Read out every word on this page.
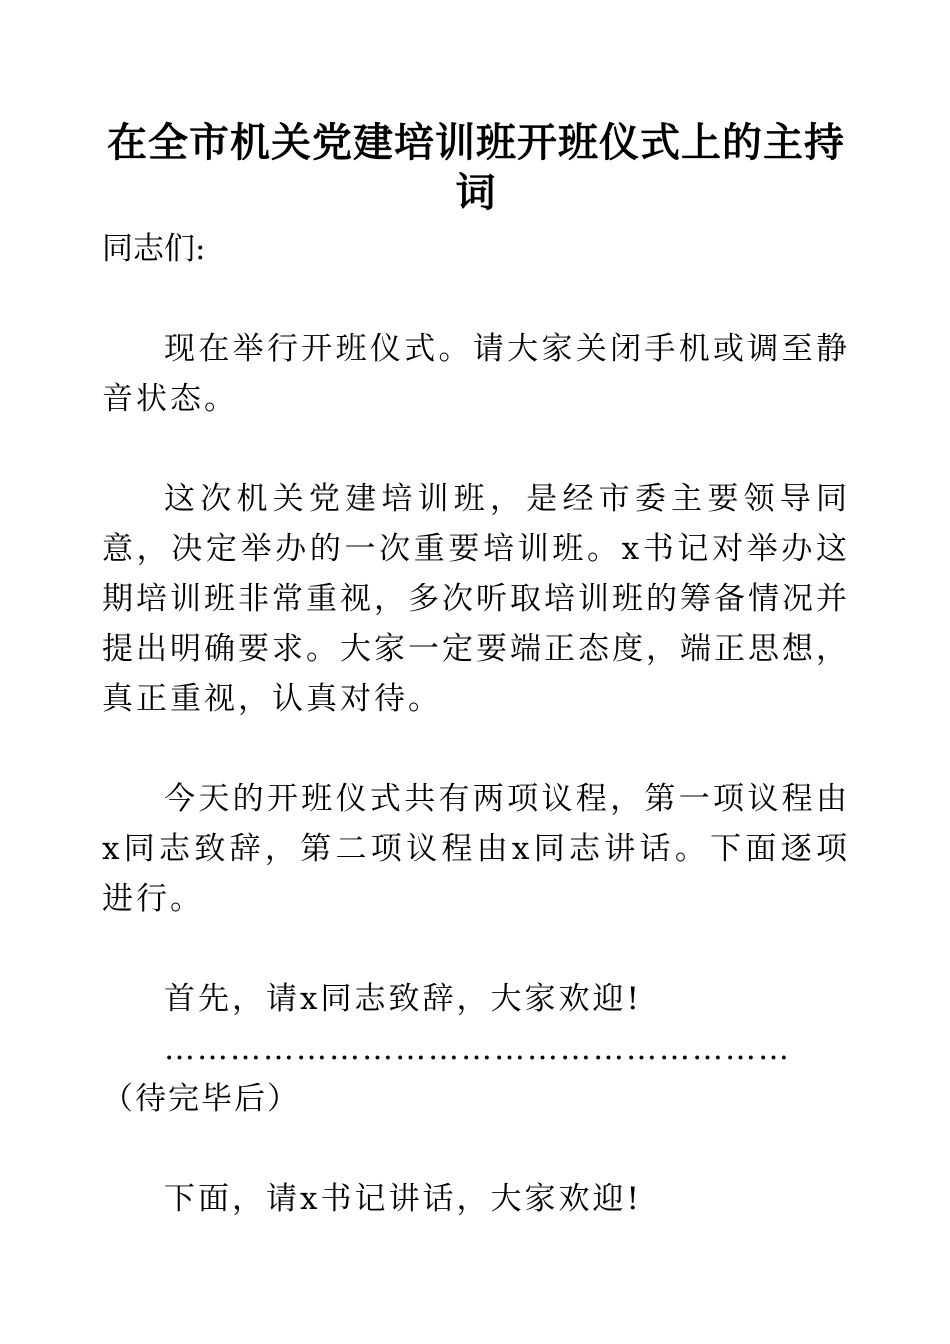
在全市机关党建培训班开班仪式上的主持词

同志们:

现在举行开班仪式。请大家关闭手机或调至静音状态。

这次机关党建培训班，是经市委主要领导同意，决定举办的一次重要培训班。x书记对举办这期培训班非常重视，多次听取培训班的筹备情况并提出明确要求。大家一定要端正态度，端正思想，真正重视，认真对待。

今天的开班仪式共有两项议程，第一项议程由x同志致辞，第二项议程由x同志讲话。下面逐项进行。

首先，请x同志致辞，大家欢迎!

…………………………………………………（待完毕后）

下面，请x书记讲话，大家欢迎!
